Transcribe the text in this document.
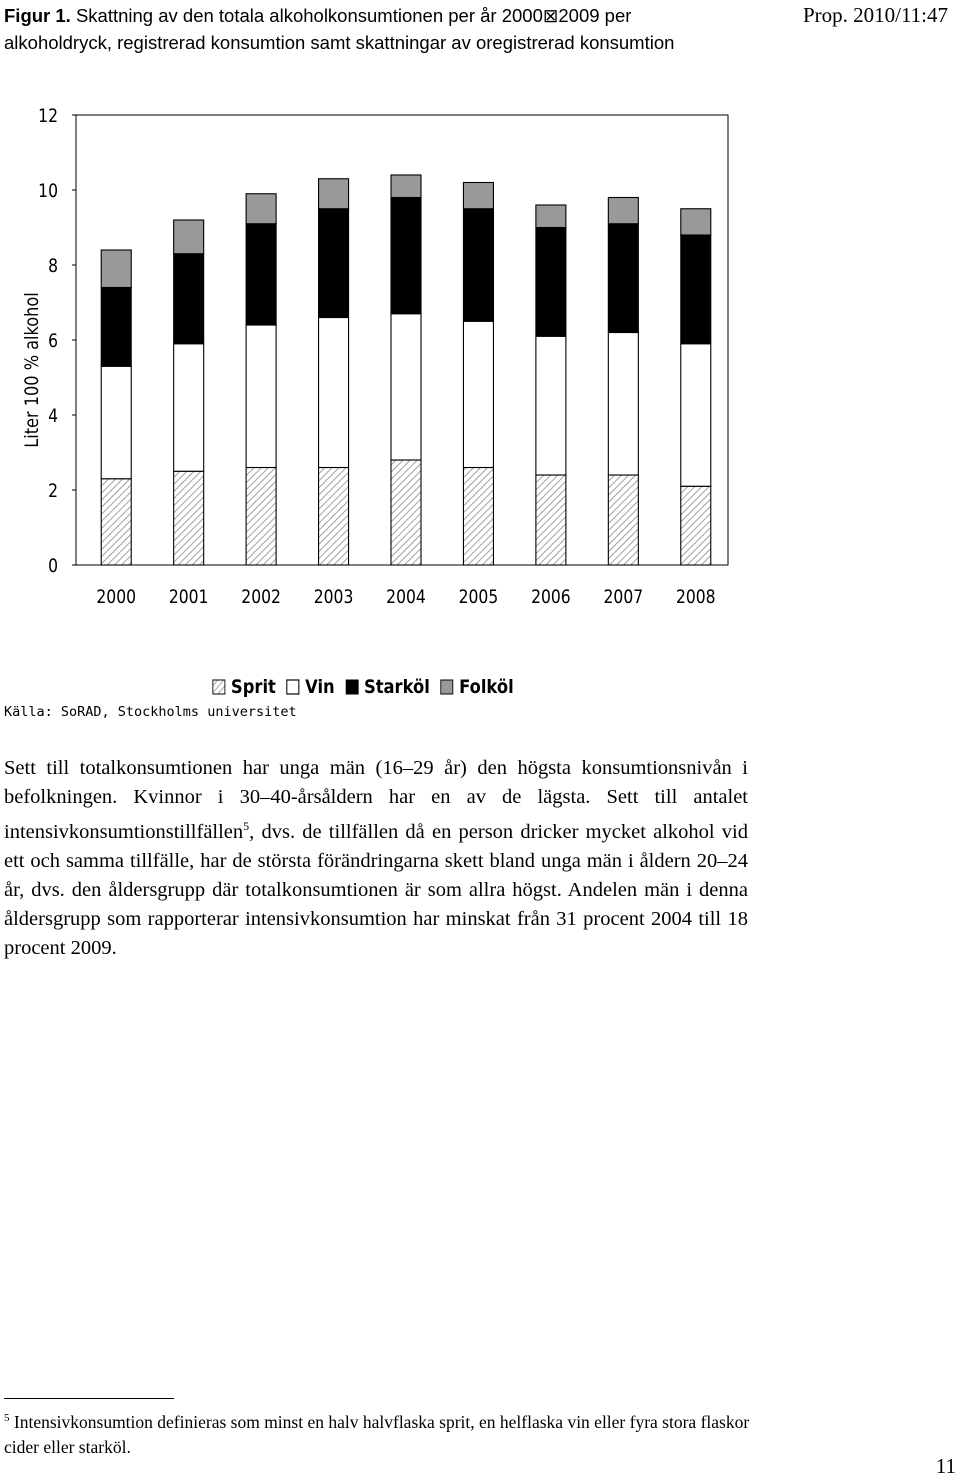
Figur 1. Skattning av den totala alkoholkonsumtionen per år 2000⊠2009 per alkoholdryck, registrerad konsumtion samt skattningar av oregistrerad konsumtion
Prop. 2010/11:47
0
2
4
6
8
10
12
Liter 100 % alkohol
2000 2001 2002 2003 2004 2005 2006 2007 2008
Sprit Vin Starköl Folköl
Källa: SoRAD, Stockholms universitet
Sett till totalkonsumtionen har unga män (16–29 år) den högsta konsumtionsnivån i befolkningen. Kvinnor i 30–40-årsåldern har en av de lägsta. Sett till antalet intensivkonsumtionstillfällen$^5$, dvs. de tillfällen då en person dricker mycket alkohol vid ett och samma tillfälle, har de största förändringarna skett bland unga män i åldern 20–24 år, dvs. den åldersgrupp där totalkonsumtionen är som allra högst. Andelen män i denna åldersgrupp som rapporterar intensivkonsumtion har minskat från 31 procent 2004 till 18 procent 2009.
$^5$ Intensivkonsumtion definieras som minst en halv halvflaska sprit, en helflaska vin eller fyra stora flaskor cider eller starköl.
11
